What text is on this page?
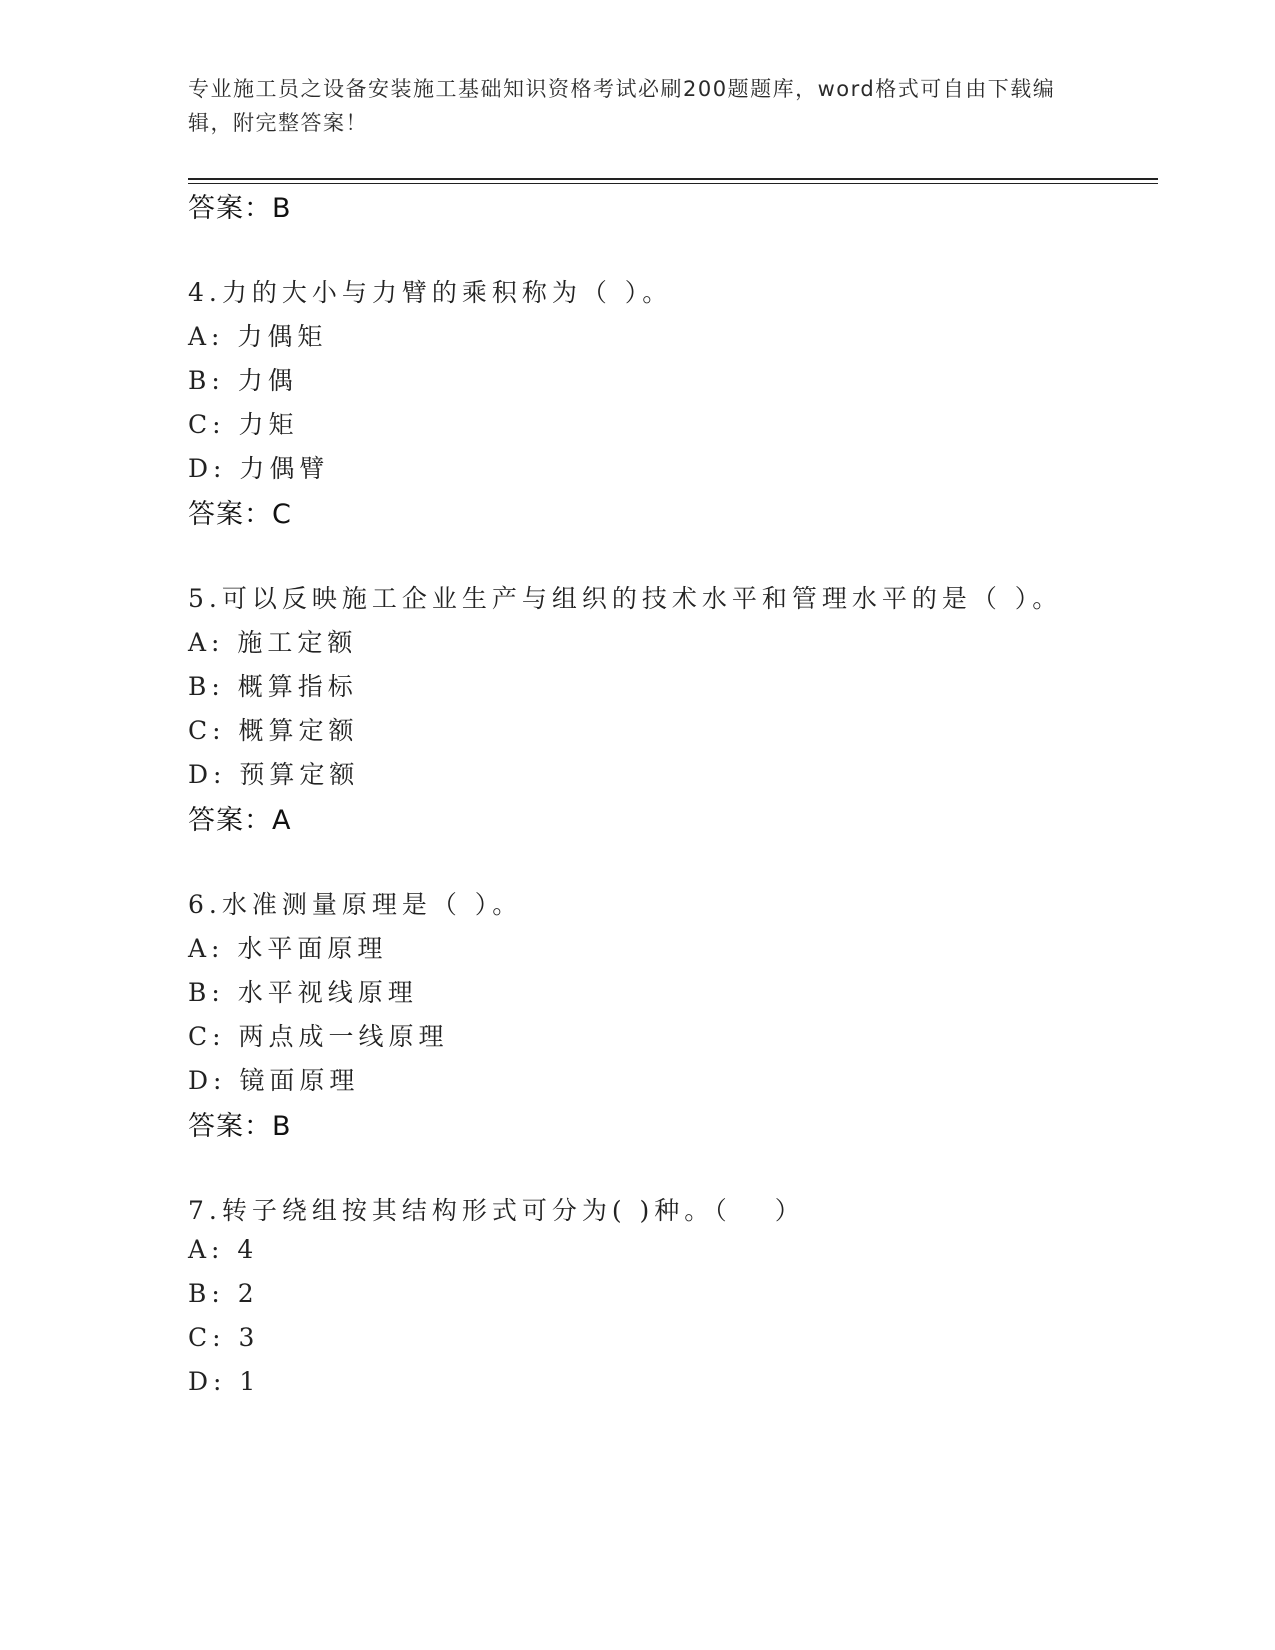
专业施工员之设备安装施工基础知识资格考试必刷200题题库，word格式可自由下载编辑，附完整答案！
答案：B
4.力的大小与力臂的乘积称为（ ）。
A: 力偶矩
B: 力偶
C: 力矩
D: 力偶臂
答案：C
5.可以反映施工企业生产与组织的技术水平和管理水平的是（ ）。
A: 施工定额
B: 概算指标
C: 概算定额
D: 预算定额
答案：A
6.水准测量原理是（ ）。
A: 水平面原理
B: 水平视线原理
C: 两点成一线原理
D: 镜面原理
答案：B
7.转子绕组按其结构形式可分为( )种。（　 ）
A: 4
B: 2
C: 3
D: 1
